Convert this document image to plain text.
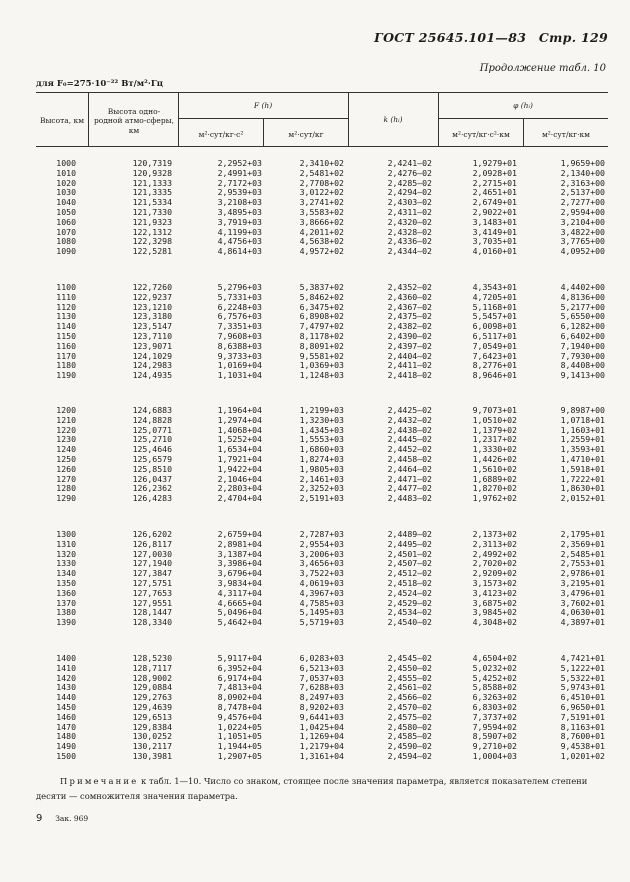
ГОСТ 25645.101—83 Стр. 129
Продолжение табл. 10
для F₀=275·10⁻²² Вт/м²·Гц
Высота, км
Высота одно-родной атмо-сферы, км
F (h)
м²·сут/кг·с²	м²·сут/кг
k (hᵢ)
φ (hᵢ)
м²·сут/кг·с²·км	м²·сут/кг·км
1000	120,7319	2,2952+03	2,3410+02	2,4241—02	1,9279+01	1,9659+00
1010	120,9328	2,4991+03	2,5481+02	2,4276—02	2,0928+01	2,1340+00
1020	121,1333	2,7172+03	2,7708+02	2,4285—02	2,2715+01	2,3163+00
1030	121,3335	2,9539+03	3,0122+02	2,4294—02	2,4651+01	2,5137+00
1040	121,5334	3,2108+03	3,2741+02	2,4303—02	2,6749+01	2,7277+00
1050	121,7330	3,4895+03	3,5583+02	2,4311—02	2,9022+01	2,9594+00
1060	121,9323	3,7919+03	3,8666+02	2,4320—02	3,1483+01	3,2104+00
1070	122,1312	4,1199+03	4,2011+02	2,4328—02	3,4149+01	3,4822+00
1080	122,3298	4,4756+03	4,5638+02	2,4336—02	3,7035+01	3,7765+00
1090	122,5281	4,8614+03	4,9572+02	2,4344—02	4,0160+01	4,0952+00
1100	122,7260	5,2796+03	5,3837+02	2,4352—02	4,3543+01	4,4402+00
1110	122,9237	5,7331+03	5,8462+02	2,4360—02	4,7205+01	4,8136+00
1120	123,1210	6,2248+03	6,3475+02	2,4367—02	5,1168+01	5,2177+00
1130	123,3180	6,7576+03	6,8908+02	2,4375—02	5,5457+01	5,6550+00
1140	123,5147	7,3351+03	7,4797+02	2,4382—02	6,0098+01	6,1282+00
1150	123,7110	7,9608+03	8,1178+02	2,4390—02	6,5117+01	6,6402+00
1160	123,9071	8,6388+03	8,8091+02	2,4397—02	7,0549+01	7,1940+00
1170	124,1029	9,3733+03	9,5581+02	2,4404—02	7,6423+01	7,7930+00
1180	124,2983	1,0169+04	1,0369+03	2,4411—02	8,2776+01	8,4408+00
1190	124,4935	1,1031+04	1,1248+03	2,4418—02	8,9646+01	9,1413+00
1200	124,6883	1,1964+04	1,2199+03	2,4425—02	9,7073+01	9,8987+00
1210	124,8828	1,2974+04	1,3230+03	2,4432—02	1,0510+02	1,0718+01
1220	125,0771	1,4068+04	1,4345+03	2,4438—02	1,1379+02	1,1603+01
1230	125,2710	1,5252+04	1,5553+03	2,4445—02	1,2317+02	1,2559+01
1240	125,4646	1,6534+04	1,6860+03	2,4452—02	1,3330+02	1,3593+01
1250	125,6579	1,7921+04	1,8274+03	2,4458—02	1,4426+02	1,4710+01
1260	125,8510	1,9422+04	1,9805+03	2,4464—02	1,5610+02	1,5918+01
1270	126,0437	2,1046+04	2,1461+03	2,4471—02	1,6889+02	1,7222+01
1280	126,2362	2,2803+04	2,3252+03	2,4477—02	1,8270+02	1,8630+01
1290	126,4283	2,4704+04	2,5191+03	2,4483—02	1,9762+02	2,0152+01
1300	126,6202	2,6759+04	2,7287+03	2,4489—02	2,1373+02	2,1795+01
1310	126,8117	2,8981+04	2,9554+03	2,4495—02	2,3113+02	2,3569+01
1320	127,0030	3,1387+04	3,2006+03	2,4501—02	2,4992+02	2,5485+01
1330	127,1940	3,3986+04	3,4656+03	2,4507—02	2,7020+02	2,7553+01
1340	127,3847	3,6796+04	3,7522+03	2,4512—02	2,9209+02	2,9786+01
1350	127,5751	3,9834+04	4,0619+03	2,4518—02	3,1573+02	3,2195+01
1360	127,7653	4,3117+04	4,3967+03	2,4524—02	3,4123+02	3,4796+01
1370	127,9551	4,6665+04	4,7585+03	2,4529—02	3,6875+02	3,7602+01
1380	128,1447	5,0496+04	5,1495+03	2,4534—02	3,9845+02	4,0630+01
1390	128,3340	5,4642+04	5,5719+03	2,4540—02	4,3048+02	4,3897+01
1400	128,5230	5,9117+04	6,0283+03	2,4545—02	4,6504+02	4,7421+01
1410	128,7117	6,3952+04	6,5213+03	2,4550—02	5,0232+02	5,1222+01
1420	128,9002	6,9174+04	7,0537+03	2,4555—02	5,4252+02	5,5322+01
1430	129,0884	7,4813+04	7,6288+03	2,4561—02	5,8588+02	5,9743+01
1440	129,2763	8,0902+04	8,2497+03	2,4566—02	6,3263+02	6,4510+01
1450	129,4639	8,7478+04	8,9202+03	2,4570—02	6,8303+02	6,9650+01
1460	129,6513	9,4576+04	9,6441+03	2,4575—02	7,3737+02	7,5191+01
1470	129,8384	1,0224+05	1,0425+04	2,4580—02	7,9594+02	8,1163+01
1480	130,0252	1,1051+05	1,1269+04	2,4585—02	8,5907+02	8,7600+01
1490	130,2117	1,1944+05	1,2179+04	2,4590—02	9,2710+02	9,4538+01
1500	130,3981	1,2907+05	1,3161+04	2,4594—02	1,0004+03	1,0201+02
Примечание к табл. 1—10. Число со знаком, стоящее после значения параметра, является показателем степени десяти — сомножителя значения параметра.
9 Зак. 969
